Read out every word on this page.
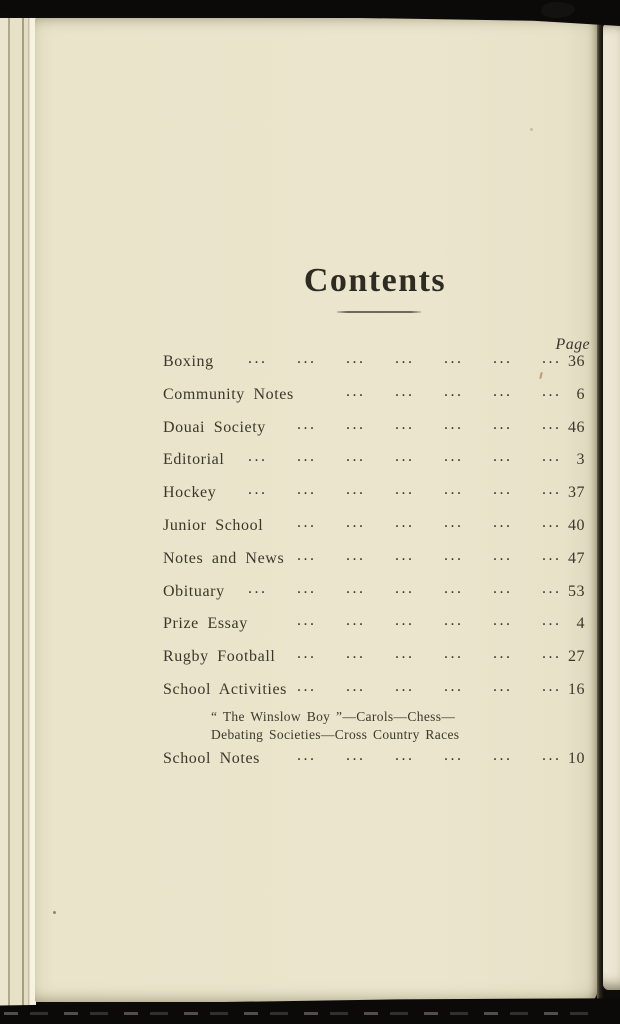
Contents
Page
Boxing	36
... ... ... ... ... ... ...
Community Notes	6
... ... ... ... ...
Douai Society	46
... ... ... ... ... ...
Editorial	3
... ... ... ... ... ... ...
Hockey	37
... ... ... ... ... ... ...
Junior School	40
... ... ... ... ... ...
Notes and News	47
... ... ... ... ... ...
Obituary	53
... ... ... ... ... ... ...
Prize Essay	4
... ... ... ... ... ...
Rugby Football	27
... ... ... ... ... ...
School Activities	16
... ... ... ... ... ...
“ The Winslow Boy ”—Carols—Chess—
Debating Societies—Cross Country Races
School Notes	10
... ... ... ... ... ...
